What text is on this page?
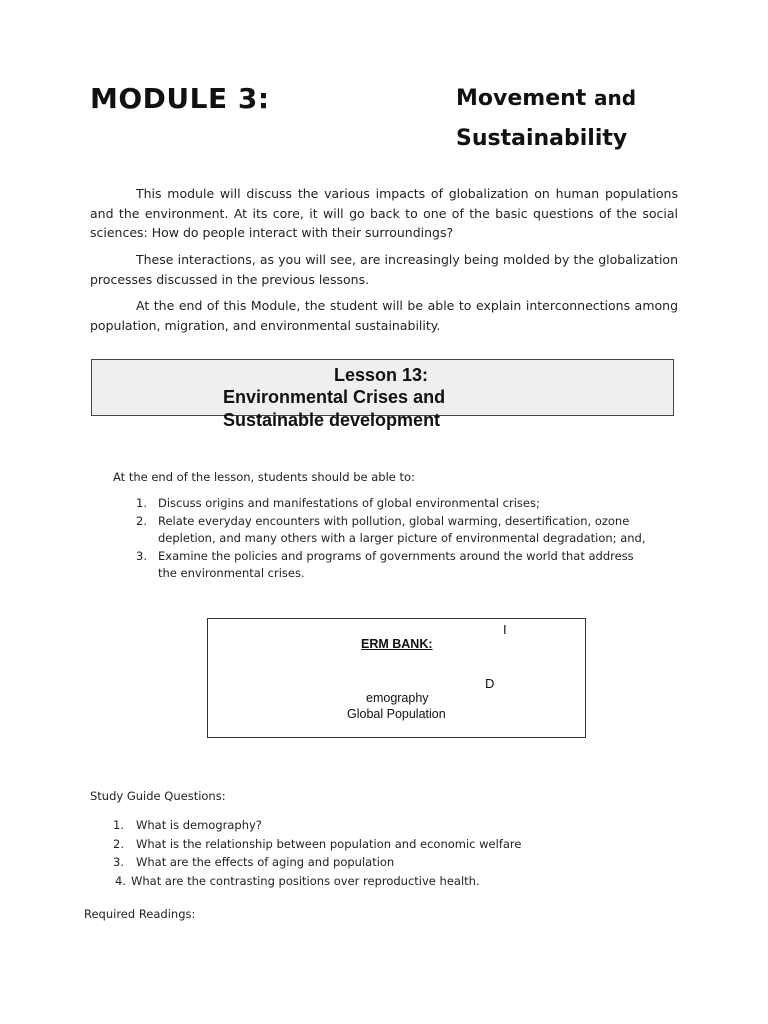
MODULE 3:	Movement and
Sustainability

This module will discuss the various impacts of globalization on human populations and the environment. At its core, it will go back to one of the basic questions of the social sciences: How do people interact with their surroundings?

These interactions, as you will see, are increasingly being molded by the globalization processes discussed in the previous lessons.

At the end of this Module, the student will be able to explain interconnections among population, migration, and environmental sustainability.

Lesson 13:
Environmental Crises and
Sustainable development
At the end of the lesson, students should be able to:
1. Discuss origins and manifestations of global environmental crises;
2. Relate everyday encounters with pollution, global warming, desertification, ozone
depletion, and many others with a larger picture of environmental degradation; and,
3. Examine the policies and programs of governments around the world that address
the environmental crises.
ERM BANK:
I
D
emography
Global Population
Study Guide Questions:
1.	What is demography?
2.	What is the relationship between population and economic welfare
3.	What are the effects of aging and population
4. What are the contrasting positions over reproductive health.
Required Readings:
